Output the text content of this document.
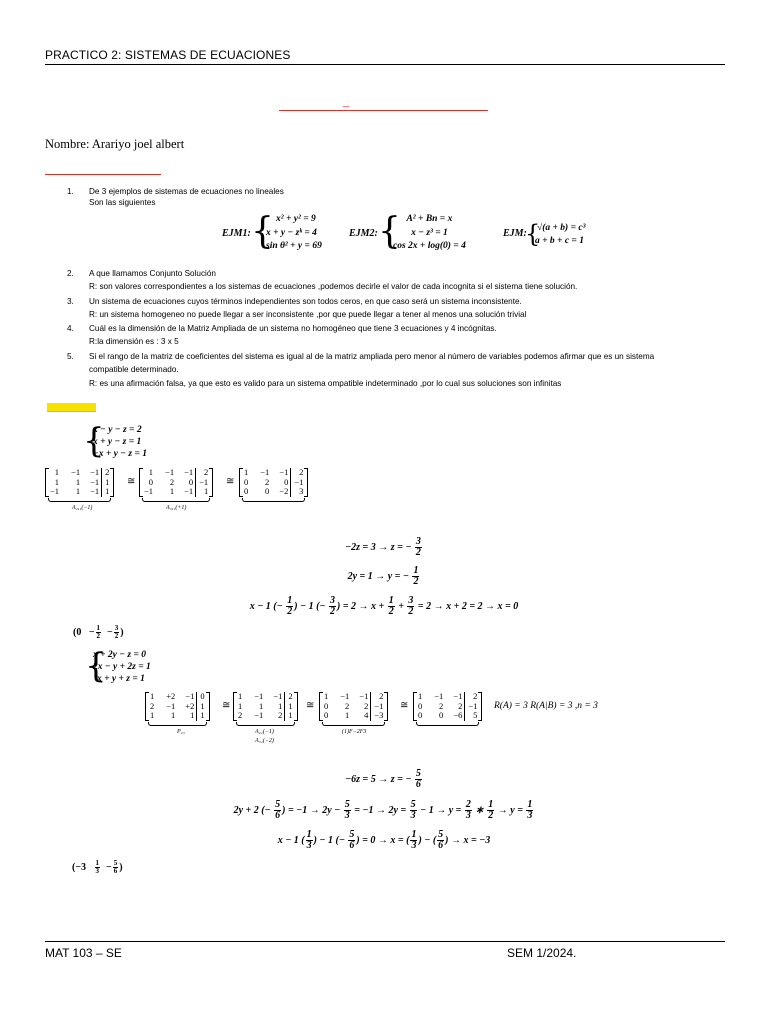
PRACTICO 2: SISTEMAS DE ECUACIONES
_
Nombre: Arariyo joel albert
1. De 3 ejemplos de sistemas de ecuaciones no lineales
Son las siguientes
EJM1: { x² + y² = 9
x + y − zᵏ = 4
sin θ² + y = 69
EJM2: { A² + Bn = x
x − z³ = 1
cos 2x + log(0) = 4
EJM:
{
√(a + b) = c³
a + b + c = 1
2. A que llamamos Conjunto Solución
R: son valores correspondientes a los sistemas de ecuaciones ,podemos decirle el valor de cada incognita si el sistema tiene solución.
3. Un sistema de ecuaciones cuyos términos independientes son todos ceros, en que caso será un sistema inconsistente.
R: un sistema homogeneo no puede llegar a ser inconsistente ,por que puede llegar a tener al menos una solución trivial
4. Cuál es la dimensión de la Matriz Ampliada de un sistema no homogéneo que tiene 3 ecuaciones y 4 incógnitas.
R:la dimensión es : 3 x 5
5. Si el rango de la matriz de coeficientes del sistema es igual al de la matriz ampliada pero menor al número de variables podemos afirmar que es un sistema
compatible determinado.
R: es una afirmación falsa, ya que esto es valido para un sistema ompatible indeterminado ,por lo cual sus soluciones son infinitas
{
x − y − z = 2
x + y − z = 1
−x + y − z = 1
1	−1	−1	2
1	1	−1	1
−1	1	−1	1
A₂,₁(−1)
≅
1	−1	−1	2
0	2	0	−1
−1	1	−1	1
A₃,₁(+1)
≅
1	−1	−1	2
0	2	0	−1
0	0	−2	3
−2z = 3 → z = − $\frac{3}{2}$
2y = 1 → y = − $\frac{1}{2}$
x − 1 (− $\frac{1}{2}$ ) − 1 (− $\frac{3}{2}$ ) = $2 \to x + \frac{1}{2} + \frac{3}{2} = 2 \to x + 2 = 2 \to x = 0$
($0 - \frac{1}{2} - \frac{3}{2}$ )
{
x + 2y − z = 0
2x − y + 2z = 1
x + y + z = 1
1	+2	−1	0
2	−1	+2	1
1	1	1	1
P₂₃
≅
1	−1	−1	2
1	1	1	1
2	−1	2	1
A₂₁(−1)
A₃₁(−2)
≅
1	−1	−1	2
0	2	2	−1
0	1	4	−3
(1)F−2F3
≅
1	−1	−1	2
0	2	2	−1
0	0	−6	5
R(A) = 3 R(A|B) = 3 ,n = 3
−6z = 5 → z = − $\frac{5}{6}$
2y + 2 (− $\frac{5}{6}$ ) = $-1 \to 2y - \frac{5}{3} = -1 \to 2y = \frac{5}{3} - 1 \to y = \frac{2}{3}$ ∗ $\frac{1}{2} \to y = \frac{1}{3}$
x − 1 ( $\frac{1}{3}$ ) − 1 (− $\frac{5}{6}$ ) = 0 → x = ( $\frac{1}{3}$ ) − ( $\frac{5}{6}$ ) → x = −3
($-3 \frac{1}{3} - \frac{5}{6}$ )
MAT 103 – SE	SEM 1/2024.
